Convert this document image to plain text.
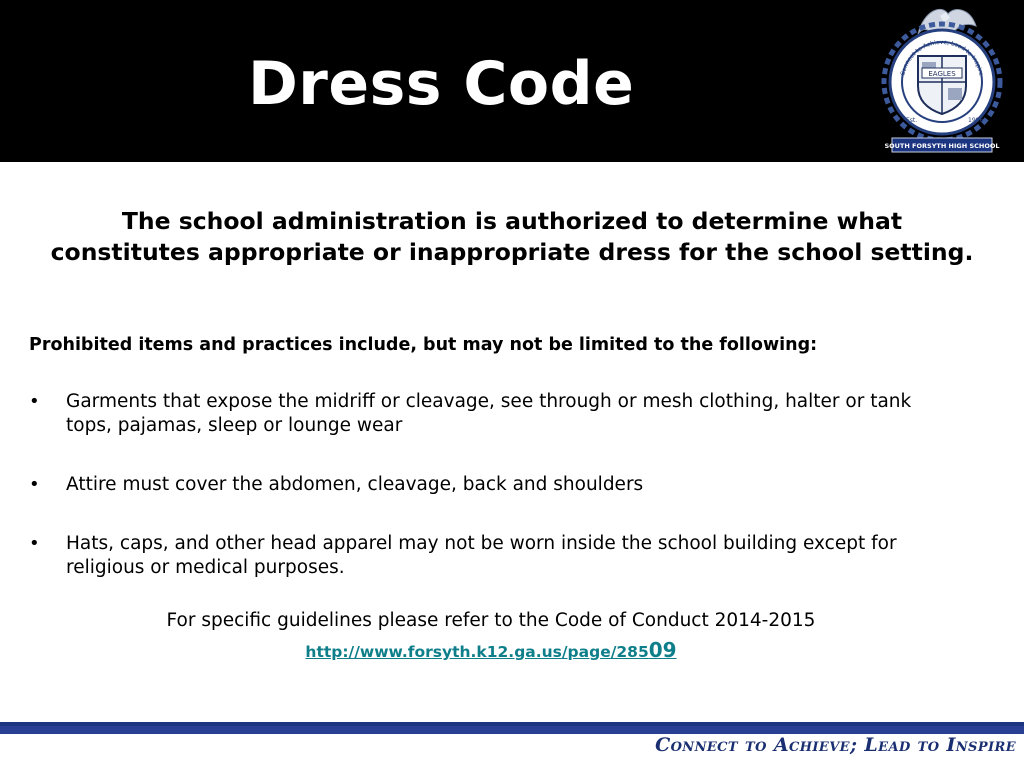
Dress Code	EAGLES
Connect to Achieve, Lead to Inspire
Est.	1996
SOUTH FORSYTH HIGH SCHOOL

The school administration is authorized to determine what constitutes appropriate or inappropriate dress for the school setting.

Prohibited items and practices include, but may not be limited to the following:

• Garments that expose the midriff or cleavage, see through or mesh clothing, halter or tank tops, pajamas, sleep or lounge wear
• Attire must cover the abdomen, cleavage, back and shoulders
• Hats, caps, and other head apparel may not be worn inside the school building except for religious or medical purposes.

For specific guidelines please refer to the Code of Conduct 2014-2015

http://www.forsyth.k12.ga.us/page/28509

Connect to Achieve; Lead to Inspire
